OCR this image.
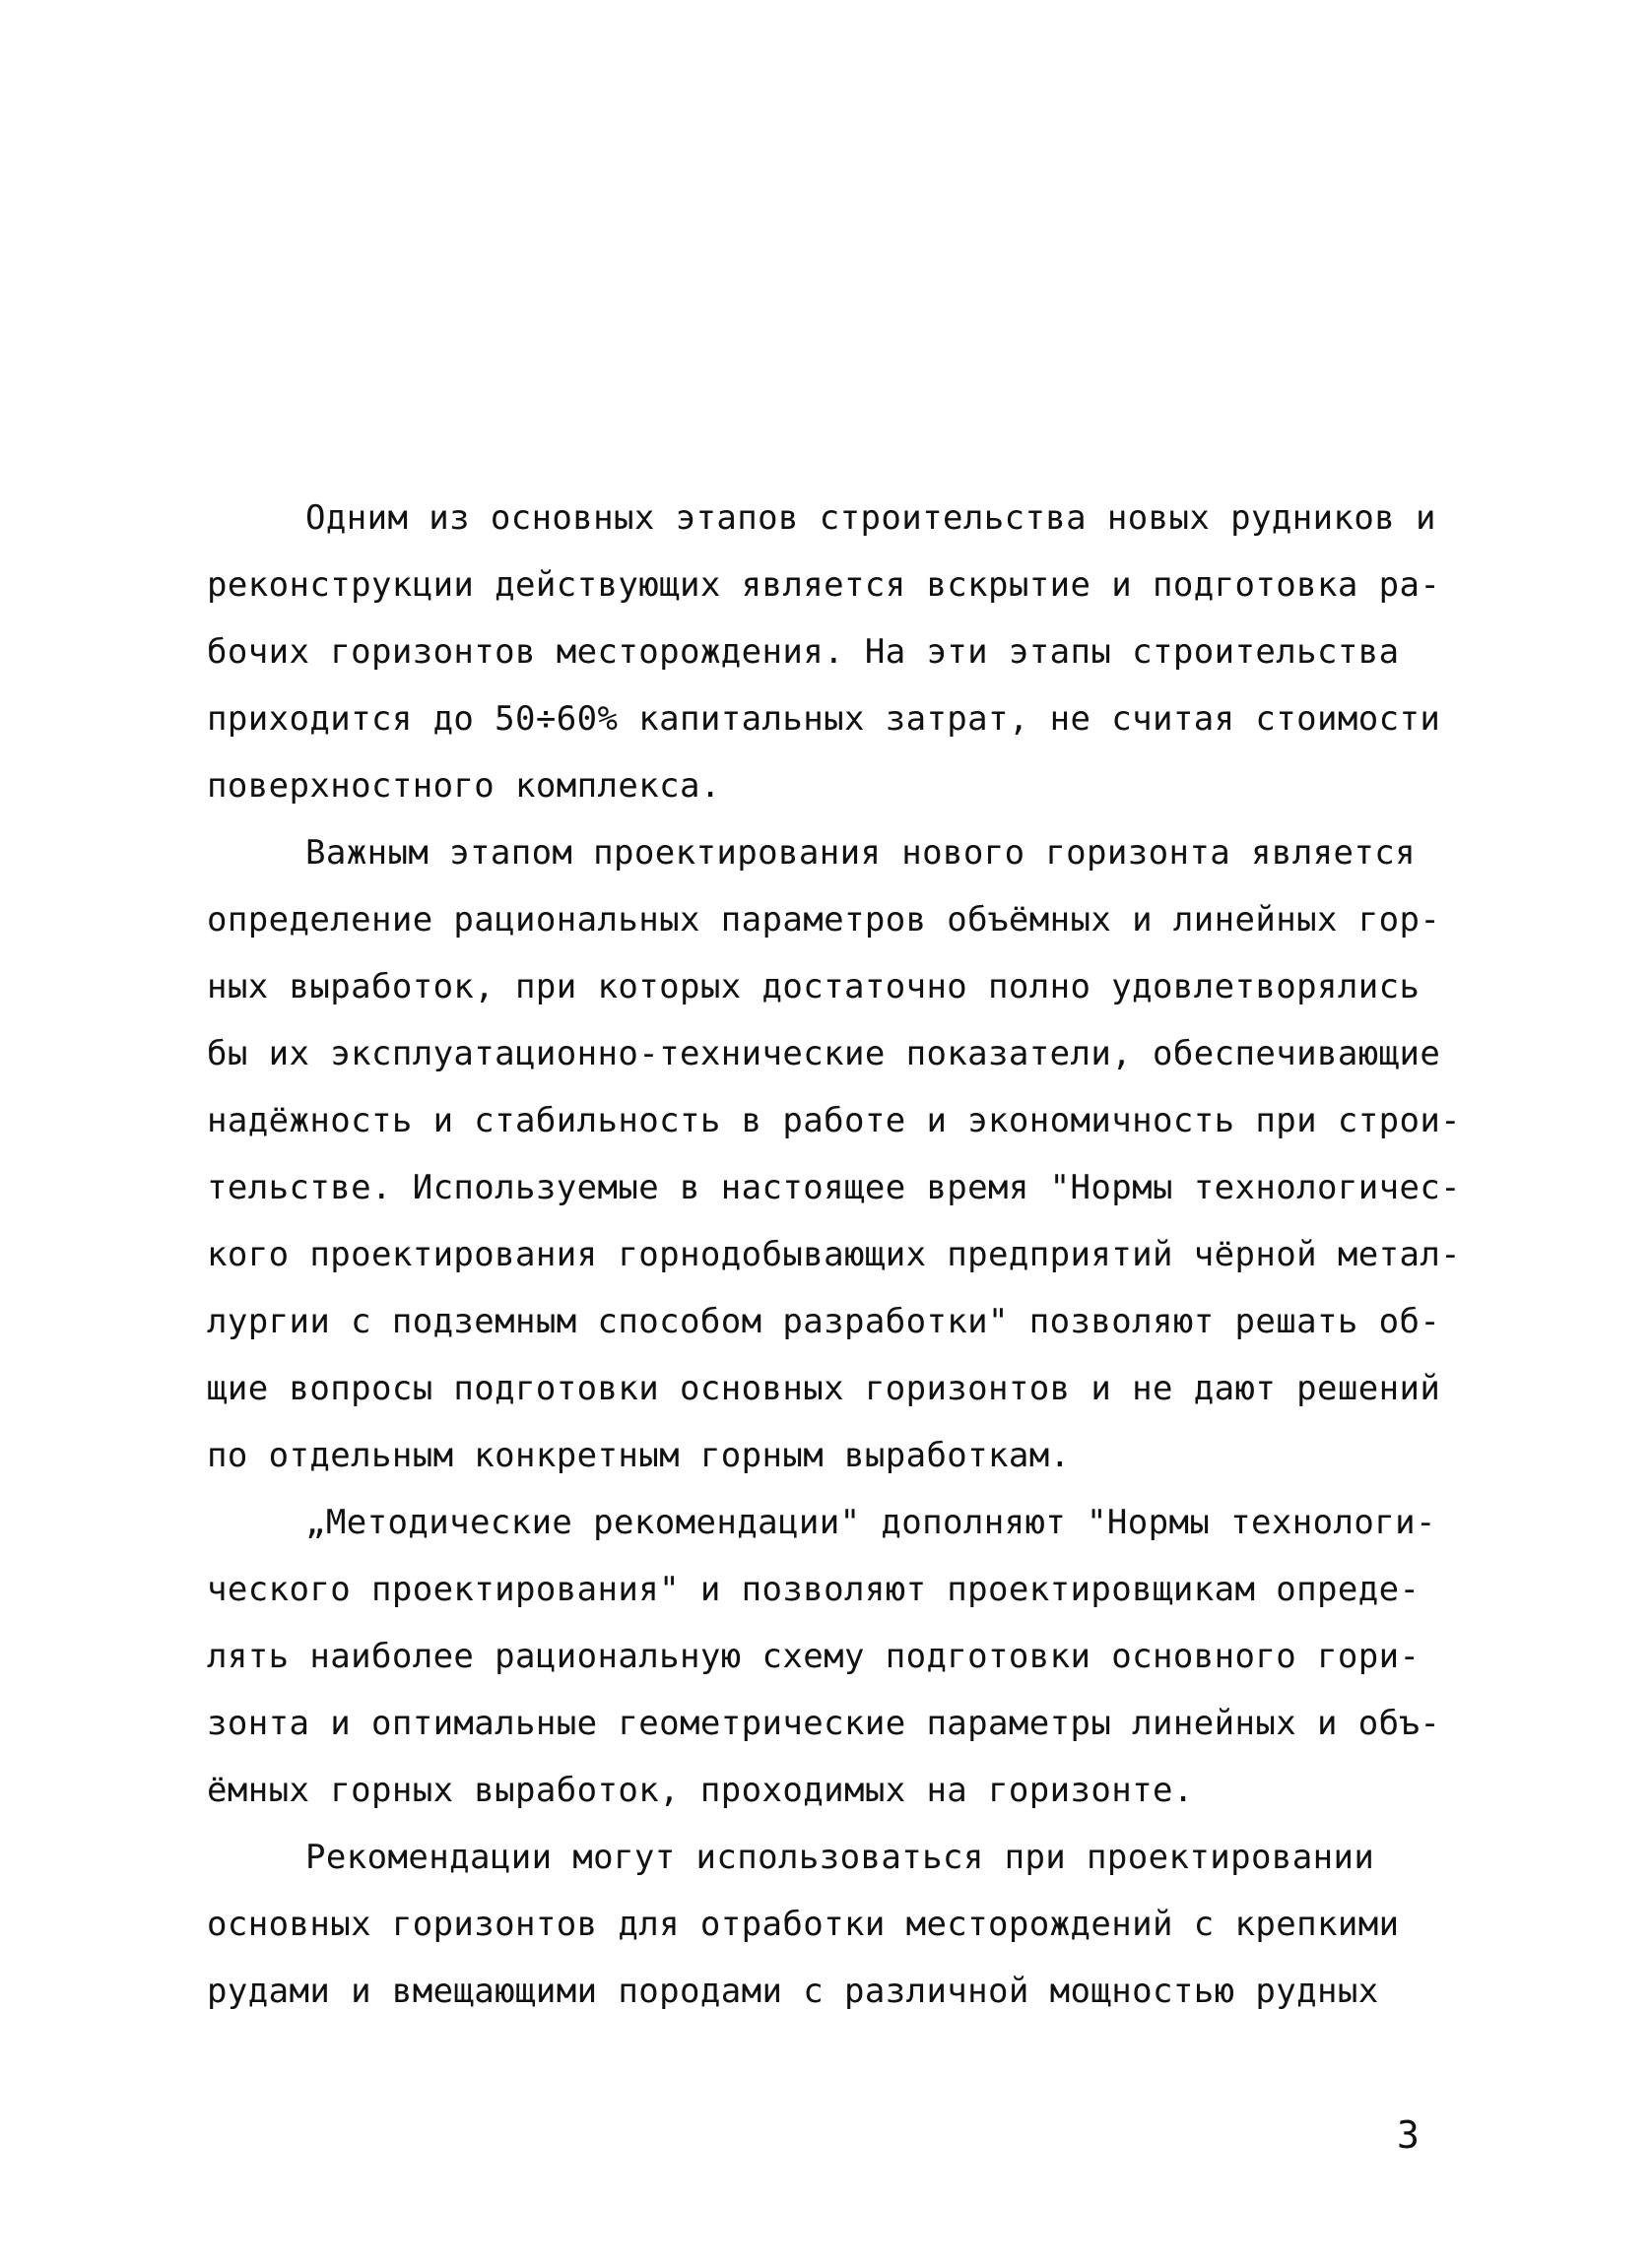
Одним из основных этапов строительства новых рудников и
реконструкции действующих является вскрытие и подготовка ра-
бочих горизонтов месторождения. На эти этапы строительства
приходится до 50÷60% капитальных затрат, не считая стоимости
поверхностного комплекса.
Важным этапом проектирования нового горизонта является
определение рациональных параметров объёмных и линейных гор-
ных выработок, при которых достаточно полно удовлетворялись
бы их эксплуатационно-технические показатели, обеспечивающие
надёжность и стабильность в работе и экономичность при строи-
тельстве. Используемые в настоящее время "Нормы технологичес-
кого проектирования горнодобывающих предприятий чёрной метал-
лургии с подземным способом разработки" позволяют решать об-
щие вопросы подготовки основных горизонтов и не дают решений
по отдельным конкретным горным выработкам.
„Методические рекомендации" дополняют "Нормы технологи-
ческого проектирования" и позволяют проектировщикам опреде-
лять наиболее рациональную схему подготовки основного гори-
зонта и оптимальные геометрические параметры линейных и объ-
ёмных горных выработок, проходимых на горизонте.
Рекомендации могут использоваться при проектировании
основных горизонтов для отработки месторождений с крепкими
рудами и вмещающими породами с различной мощностью рудных
3
